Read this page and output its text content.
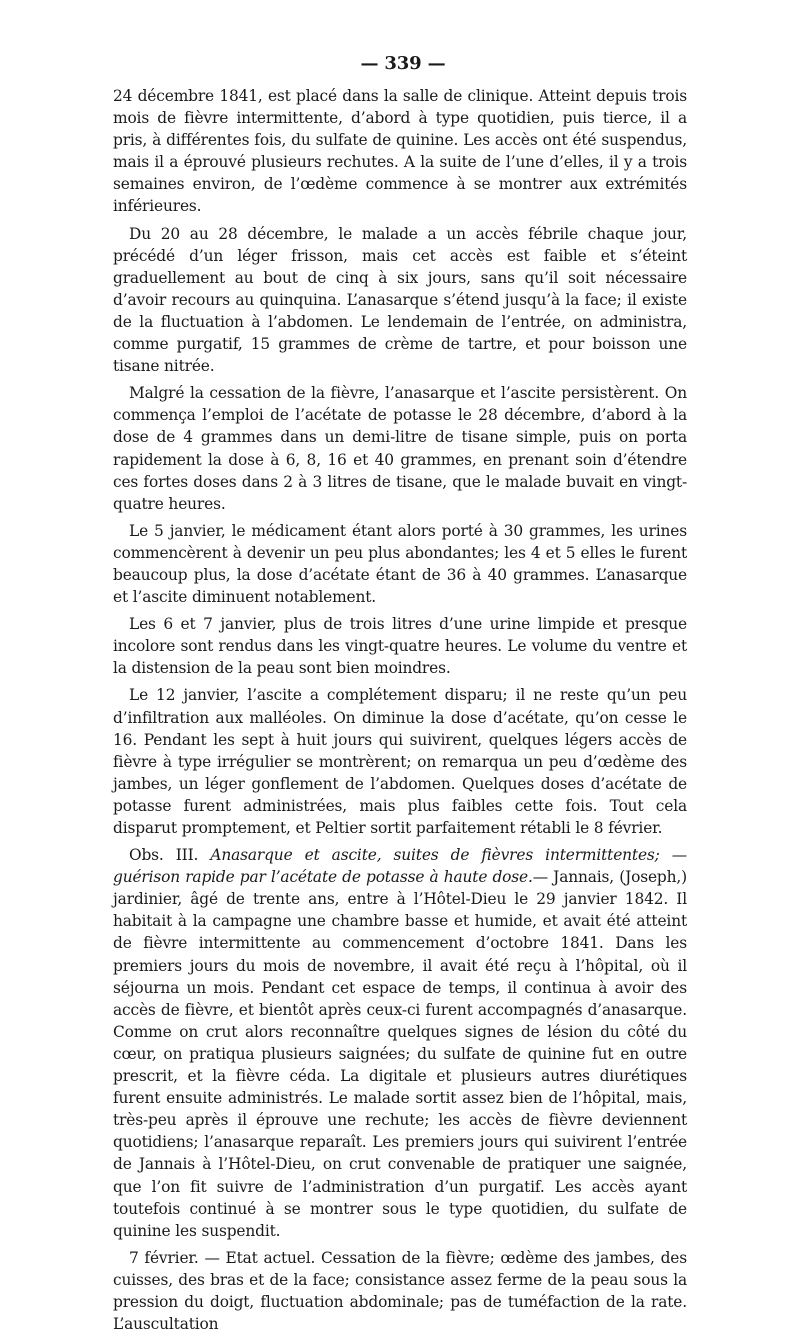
— 339 —

24 décembre 1841, est placé dans la salle de clinique. Atteint depuis trois mois de fièvre intermittente, d’abord à type quotidien, puis tierce, il a pris, à différentes fois, du sulfate de quinine. Les accès ont été suspendus, mais il a éprouvé plusieurs rechutes. A la suite de l’une d’elles, il y a trois semaines environ, de l’œdème commence à se montrer aux extrémités inférieures.

Du 20 au 28 décembre, le malade a un accès fébrile chaque jour, précédé d’un léger frisson, mais cet accès est faible et s’éteint graduellement au bout de cinq à six jours, sans qu’il soit nécessaire d’avoir recours au quinquina. L’anasarque s’étend jusqu’à la face; il existe de la fluctuation à l’abdomen. Le lendemain de l’entrée, on administra, comme purgatif, 15 grammes de crème de tartre, et pour boisson une tisane nitrée.

Malgré la cessation de la fièvre, l’anasarque et l’ascite persistèrent. On commença l’emploi de l’acétate de potasse le 28 décembre, d’abord à la dose de 4 grammes dans un demi-litre de tisane simple, puis on porta rapidement la dose à 6, 8, 16 et 40 grammes, en prenant soin d’étendre ces fortes doses dans 2 à 3 litres de tisane, que le malade buvait en vingt-quatre heures.

Le 5 janvier, le médicament étant alors porté à 30 grammes, les urines commencèrent à devenir un peu plus abondantes; les 4 et 5 elles le furent beaucoup plus, la dose d’acétate étant de 36 à 40 grammes. L’anasarque et l’ascite diminuent notablement.

Les 6 et 7 janvier, plus de trois litres d’une urine limpide et presque incolore sont rendus dans les vingt-quatre heures. Le volume du ventre et la distension de la peau sont bien moindres.

Le 12 janvier, l’ascite a complétement disparu; il ne reste qu’un peu d’infiltration aux malléoles. On diminue la dose d’acétate, qu’on cesse le 16. Pendant les sept à huit jours qui suivirent, quelques légers accès de fièvre à type irrégulier se montrèrent; on remarqua un peu d’œdème des jambes, un léger gonflement de l’abdomen. Quelques doses d’acétate de potasse furent administrées, mais plus faibles cette fois. Tout cela disparut promptement, et Peltier sortit parfaitement rétabli le 8 février.

Obs. III. Anasarque et ascite, suites de fièvres intermittentes; — guérison rapide par l’acétate de potasse à haute dose.— Jannais, (Joseph,) jardinier, âgé de trente ans, entre à l’Hôtel-Dieu le 29 janvier 1842. Il habitait à la campagne une chambre basse et humide, et avait été atteint de fièvre intermittente au commencement d’octobre 1841. Dans les premiers jours du mois de novembre, il avait été reçu à l’hôpital, où il séjourna un mois. Pendant cet espace de temps, il continua à avoir des accès de fièvre, et bientôt après ceux-ci furent accompagnés d’anasarque. Comme on crut alors reconnaître quelques signes de lésion du côté du cœur, on pratiqua plusieurs saignées; du sulfate de quinine fut en outre prescrit, et la fièvre céda. La digitale et plusieurs autres diurétiques furent ensuite administrés. Le malade sortit assez bien de l’hôpital, mais, très-peu après il éprouve une rechute; les accès de fièvre deviennent quotidiens; l’anasarque reparaît. Les premiers jours qui suivirent l’entrée de Jannais à l’Hôtel-Dieu, on crut convenable de pratiquer une saignée, que l’on fit suivre de l’administration d’un purgatif. Les accès ayant toutefois continué à se montrer sous le type quotidien, du sulfate de quinine les suspendit.

7 février. — Etat actuel. Cessation de la fièvre; œdème des jambes, des cuisses, des bras et de la face; consistance assez ferme de la peau sous la pression du doigt, fluctuation abdominale; pas de tuméfaction de la rate. L’auscultation
